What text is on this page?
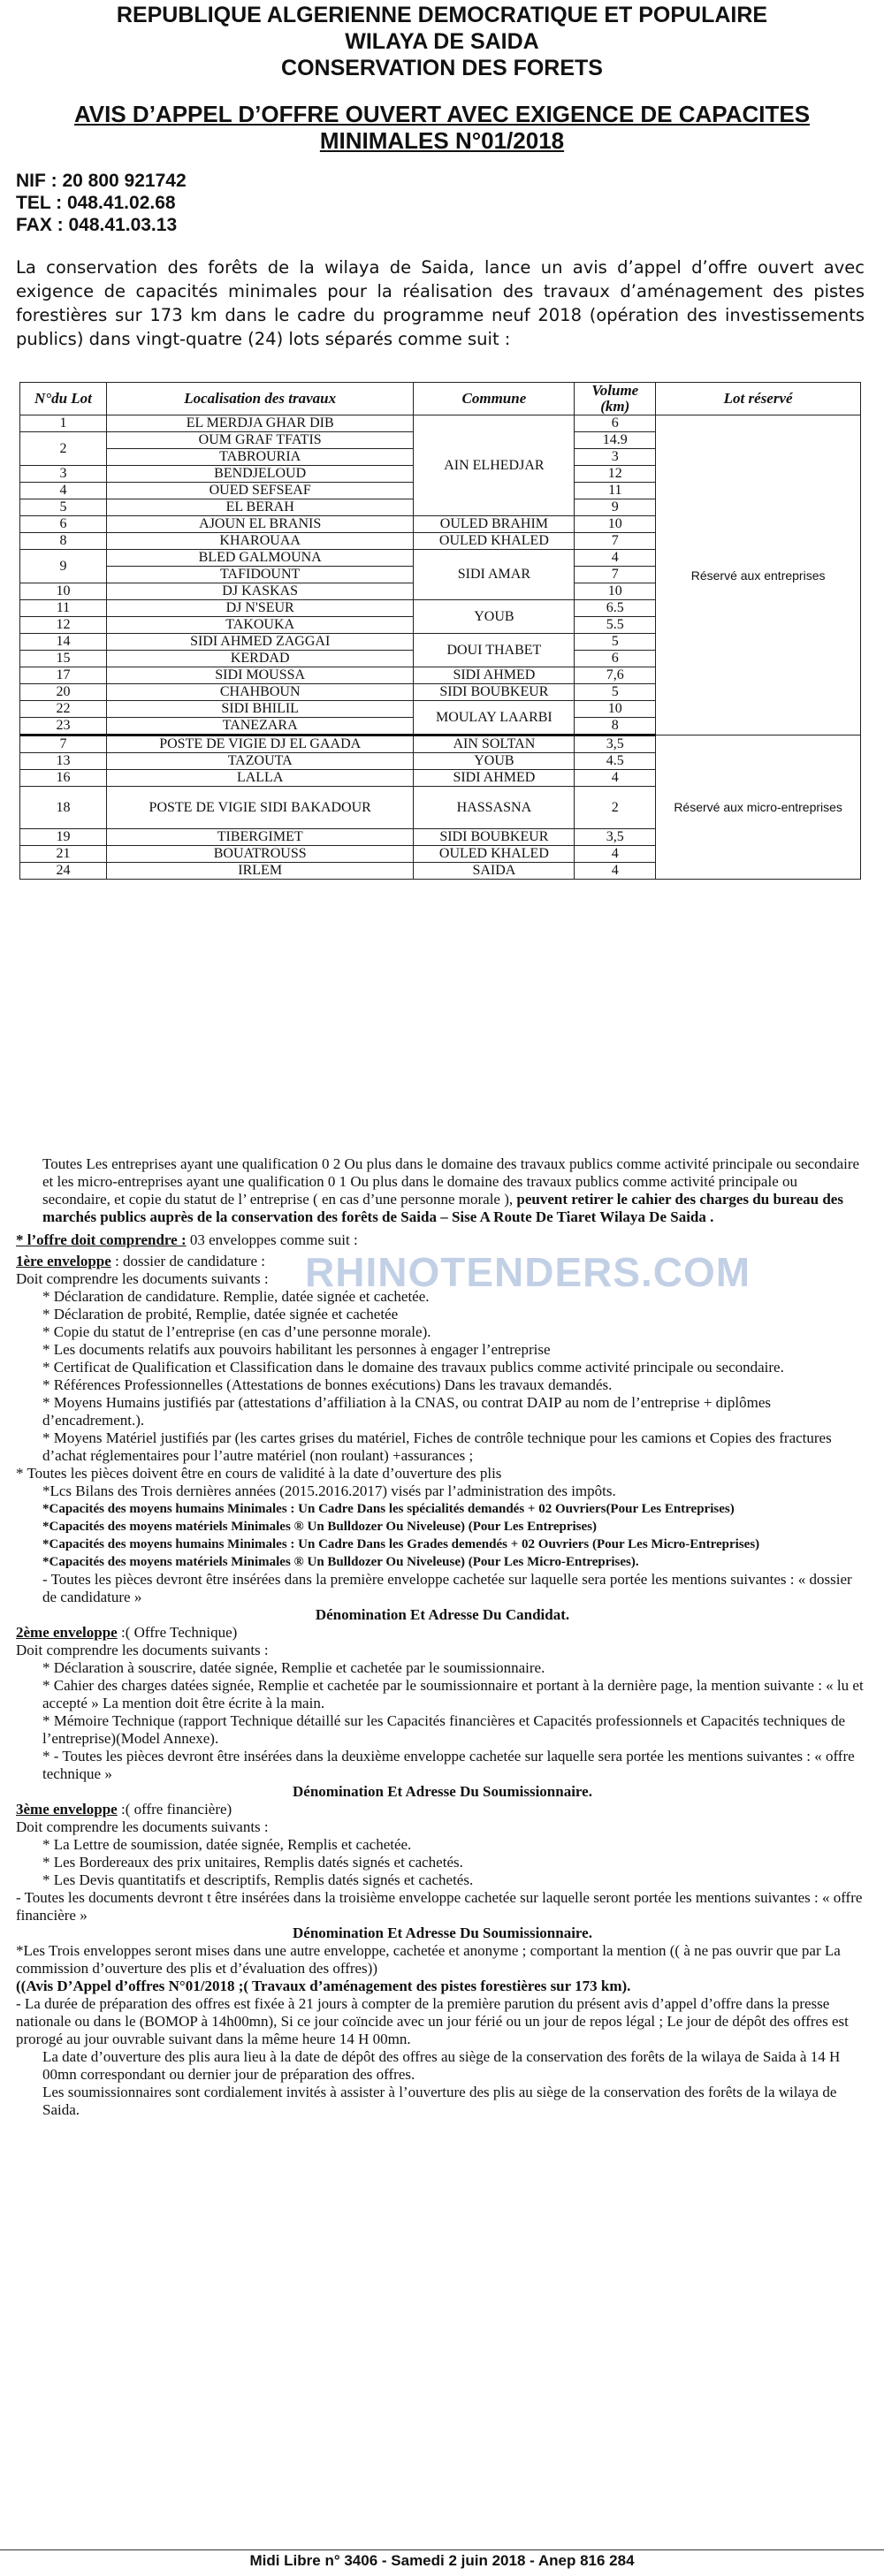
REPUBLIQUE ALGERIENNE DEMOCRATIQUE ET POPULAIRE
WILAYA DE SAIDA
CONSERVATION DES FORETS
AVIS D’APPEL D’OFFRE OUVERT AVEC EXIGENCE DE CAPACITES
MINIMALES N°01/2018
NIF : 20 800 921742
TEL : 048.41.02.68
FAX : 048.41.03.13

La conservation des forêts de la wilaya de Saida, lance un avis d’appel d’offre ouvert avec exigence de capacités minimales pour la réalisation des travaux d’aménagement des pistes forestières sur 173 km dans le cadre du programme neuf 2018 (opération des investissements publics) dans vingt-quatre (24) lots séparés comme suit :

N°du Lot	Localisation des travaux	Commune	Volume (km)	Lot réservé
1	EL MERDJA GHAR DIB	AIN ELHEDJAR	6	Réservé aux entreprises
2	OUM GRAF TFATIS		14.9	
	TABROURIA		3	
3	BENDJELOUD		12	
4	OUED SEFSEAF		11	
5	EL BERAH		9	
6	AJOUN EL BRANIS	OULED BRAHIM	10	
8	KHAROUAA	OULED KHALED	7	
9	BLED GALMOUNA	SIDI AMAR	4	
	TAFIDOUNT		7	
10	DJ KASKAS		10	
11	DJ N'SEUR	YOUB	6.5	
12	TAKOUKA		5.5	
14	SIDI AHMED ZAGGAI	DOUI THABET	5	
15	KERDAD		6	
17	SIDI MOUSSA	SIDI AHMED	7,6	
20	CHAHBOUN	SIDI BOUBKEUR	5	
22	SIDI BHILIL	MOULAY LAARBI	10	
23	TANEZARA		8	
7	POSTE DE VIGIE DJ EL GAADA	AIN SOLTAN	3,5	Réservé aux micro-entreprises
13	TAZOUTA	YOUB	4.5	
16	LALLA	SIDI AHMED	4	
18	POSTE DE VIGIE SIDI BAKADOUR	HASSASNA	2	
19	TIBERGIMET	SIDI BOUBKEUR	3,5	
21	BOUATROUSS	OULED KHALED	4	
24	IRLEM	SAIDA	4	
RHINOTENDERS.COM

Toutes Les entreprises ayant une qualification 0 2 Ou plus dans le domaine des travaux publics comme activité principale ou secondaire et les micro-entreprises ayant une qualification 0 1 Ou plus dans le domaine des travaux publics comme activité principale ou secondaire, et copie du statut de l’ entreprise ( en cas d’une personne morale ), peuvent retirer le cahier des charges du bureau des marchés publics auprès de la conservation des forêts de Saida – Sise A Route De Tiaret Wilaya De Saida .

* l’offre doit comprendre : 03 enveloppes comme suit :

1ère enveloppe : dossier de candidature :

Doit comprendre les documents suivants :

* Déclaration de candidature. Remplie, datée signée et cachetée.

* Déclaration de probité, Remplie, datée signée et cachetée

* Copie du statut de l’entreprise (en cas d’une personne morale).

* Les documents relatifs aux pouvoirs habilitant les personnes à engager l’entreprise

* Certificat de Qualification et Classification dans le domaine des travaux publics comme activité principale ou secondaire.

* Références Professionnelles (Attestations de bonnes exécutions) Dans les travaux demandés.

* Moyens Humains justifiés par (attestations d’affiliation à la CNAS, ou contrat DAIP au nom de l’entreprise + diplômes d’encadrement.).

* Moyens Matériel justifiés par (les cartes grises du matériel, Fiches de contrôle technique pour les camions et Copies des fractures d’achat réglementaires pour l’autre matériel (non roulant) +assurances ;

* Toutes les pièces doivent être en cours de validité à la date d’ouverture des plis

*Lcs Bilans des Trois dernières années (2015.2016.2017) visés par l’administration des impôts.

*Capacités des moyens humains Minimales : Un Cadre Dans les spécialités demandés + 02 Ouvriers(Pour Les Entreprises)

*Capacités des moyens matériels Minimales ® Un Bulldozer Ou Niveleuse) (Pour Les Entreprises)

*Capacités des moyens humains Minimales : Un Cadre Dans les Grades demendés + 02 Ouvriers (Pour Les Micro-Entreprises)

*Capacités des moyens matériels Minimales ® Un Bulldozer Ou Niveleuse) (Pour Les Micro-Entreprises).

- Toutes les pièces devront être insérées dans la première enveloppe cachetée sur laquelle sera portée les mentions suivantes : « dossier de candidature »

Dénomination Et Adresse Du Candidat.

2ème enveloppe :( Offre Technique)

Doit comprendre les documents suivants :

* Déclaration à souscrire, datée signée, Remplie et cachetée par le soumissionnaire.

* Cahier des charges datées signée, Remplie et cachetée par le soumissionnaire et portant à la dernière page, la mention suivante : « lu et accepté » La mention doit être écrite à la main.

* Mémoire Technique (rapport Technique détaillé sur les Capacités financières et Capacités professionnels et Capacités techniques de l’entreprise)(Model Annexe).

* - Toutes les pièces devront être insérées dans la deuxième enveloppe cachetée sur laquelle sera portée les mentions suivantes : « offre technique »

Dénomination Et Adresse Du Soumissionnaire.

3ème enveloppe :( offre financière)

Doit comprendre les documents suivants :

* La Lettre de soumission, datée signée, Remplis et cachetée.

* Les Bordereaux des prix unitaires, Remplis datés signés et cachetés.

* Les Devis quantitatifs et descriptifs, Remplis datés signés et cachetés.

- Toutes les documents devront t être insérées dans la troisième enveloppe cachetée sur laquelle seront portée les mentions suivantes : « offre financière »

Dénomination Et Adresse Du Soumissionnaire.

*Les Trois enveloppes seront mises dans une autre enveloppe, cachetée et anonyme ; comportant la mention (( à ne pas ouvrir que par La commission d’ouverture des plis et d’évaluation des offres))

((Avis D’Appel d’offres N°01/2018 ;( Travaux d’aménagement des pistes forestières sur 173 km).

- La durée de préparation des offres est fixée à 21 jours à compter de la première parution du présent avis d’appel d’offre dans la presse nationale ou dans le (BOMOP à 14h00mn), Si ce jour coïncide avec un jour férié ou un jour de repos légal ; Le jour de dépôt des offres est prorogé au jour ouvrable suivant dans la même heure 14 H 00mn.

La date d’ouverture des plis aura lieu à la date de dépôt des offres au siège de la conservation des forêts de la wilaya de Saida à 14 H 00mn correspondant ou dernier jour de préparation des offres.

Les soumissionnaires sont cordialement invités à assister à l’ouverture des plis au siège de la conservation des forêts de la wilaya de Saida.

Midi Libre n° 3406 - Samedi 2 juin 2018 - Anep 816 284
